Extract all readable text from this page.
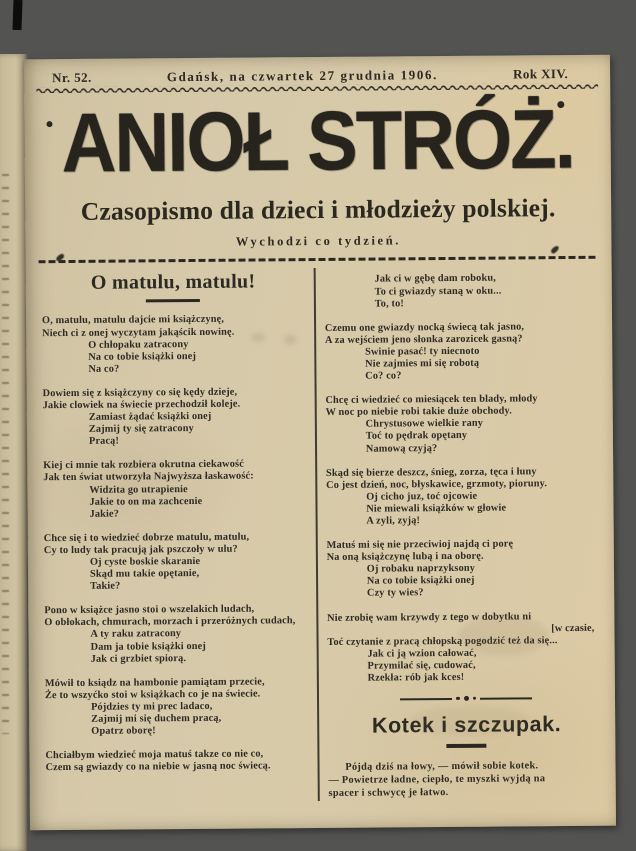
Nr. 52.	Gdańsk, na czwartek 27 grudnia 1906.	Rok XIV.
ANIOŁ STRÓŻ.
Czasopismo dla dzieci i młodzieży polskiej.
Wychodzi co tydzień.
O matulu, matulu!
O, matulu, matulu dajcie mi książczynę,
Niech ci z onej wyczytam jakąścik nowinę.
O chłopaku zatracony
Na co tobie książki onej
Na co?
Dowiem się z książczyny co się kędy dzieje,
Jakie clowiek na świecie przechodził koleje.
Zamiast żądać książki onej
Zajmij ty się zatracony
Pracą!
Kiej ci mnie tak rozbiera okrutna ciekawość
Jak ten świat utworzyła Najwyższa łaskawość:
Widzita go utrapienie
Jakie to on ma zachcenie
Jakie?
Chce się i to wiedzieć dobrze matulu, matulu,
Cy to ludy tak pracują jak pszczoły w ulu?
Oj cyste boskie skaranie
Skąd mu takie opętanie,
Takie?
Pono w książce jasno stoi o wszelakich ludach,
O obłokach, chmurach, morzach i przeróżnych cudach,
A ty raku zatracony
Dam ja tobie książki onej
Jak ci grzbiet spiorą.
Mówił to ksiądz na hambonie pamiątam przecie,
Że to wszyćko stoi w książkach co je na świecie.
Pójdzies ty mi prec ladaco,
Zajmij mi się duchem pracą,
Opatrz oborę!
Chciałbym wiedzieć moja matuś takze co nie co,
Czem są gwiazdy co na niebie w jasną noc świecą.
Jak ci w gębę dam roboku,
To ci gwiazdy staną w oku...
To, to!
Czemu one gwiazdy nocką świecą tak jasno,
A za wejściem jeno słonka zarozicek gasną?
Swinie pasać! ty niecnoto
Nie zajmies mi się robotą
Co? co?
Chcę ci wiedzieć co miesiącek ten blady, młody
W noc po niebie robi takie duże obchody.
Chrystusowe wielkie rany
Toć to pędrak opętany
Namową czyją?
Skąd się bierze deszcz, śnieg, zorza, tęca i łuny
Co jest dzień, noc, błyskawice, grzmoty, pioruny.
Oj cicho juz, toć ojcowie
Nie miewali książków w głowie
A zyli, zyją!
Matuś mi się nie przeciwioj najdą ci porę
Na oną książczynę lubą i na oborę.
Oj robaku naprzyksony
Na co tobie książki onej
Czy ty wies?
Nie zrobię wam krzywdy z tego w dobytku ni
[w czasie,
Toć czytanie z pracą chłopską pogodzić też da się...
Jak ci ją wzion całować,
Przymilać się, cudować,
Rzekła: rób jak kces!
Kotek i szczupak.
Pójdą dziś na łowy, — mówił sobie kotek.
— Powietrze ładne, ciepło, te myszki wyjdą na
spacer i schwycę je łatwo.
